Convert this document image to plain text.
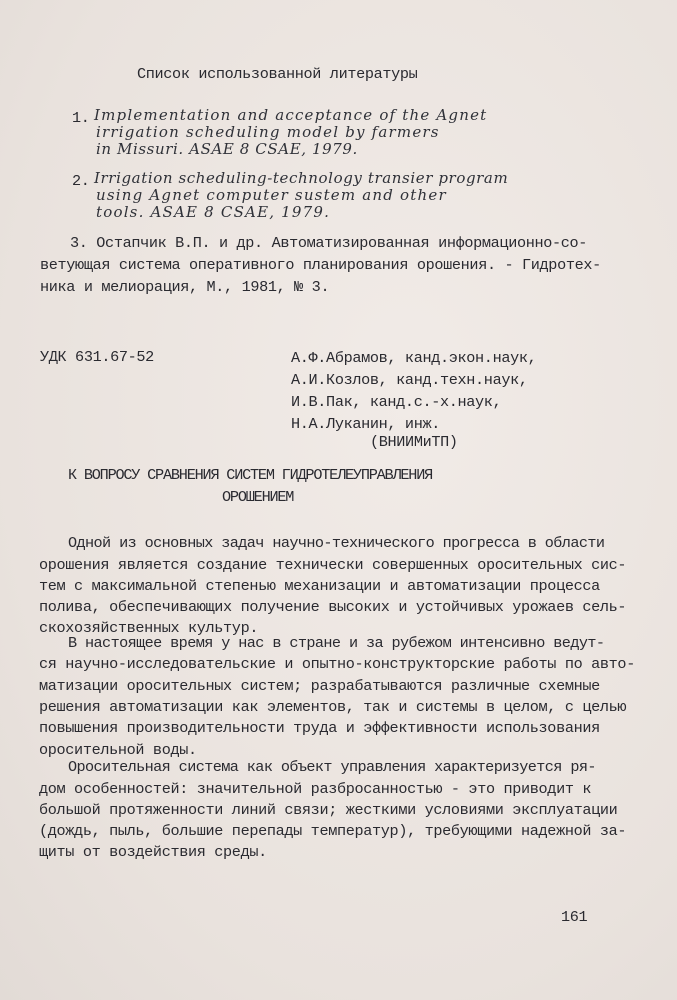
Список использованной литературы
1. Implementation and acceptance of the Agnet
irrigation scheduling model by farmers
in Missuri. ASAE 8 CSAE, 1979.
2. Irrigation scheduling-technology transier program
using Agnet computer sustem and other
tools. ASAE 8 CSAE, 1979.
3. Остапчик В.П. и др. Автоматизированная информационно-со-
ветующая система оперативного планирования орошения. - Гидротех-
ника и мелиорация, М., 1981, № 3.
УДК 631.67-52	А.Ф.Абрамов, канд.экон.наук,
А.И.Козлов, канд.техн.наук,
И.В.Пак, канд.с.-х.наук,
Н.А.Луканин, инж.
(ВНИИМиТП)
К ВОПРОСУ СРАВНЕНИЯ СИСТЕМ ГИДРОТЕЛЕУПРАВЛЕНИЯ
ОРОШЕНИЕМ
Одной из основных задач научно-технического прогресса в области
орошения является создание технически совершенных оросительных сис-
тем с максимальной степенью механизации и автоматизации процесса
полива, обеспечивающих получение высоких и устойчивых урожаев сель-
скохозяйственных культур.
В настоящее время у нас в стране и за рубежом интенсивно ведут-
ся научно-исследовательские и опытно-конструкторские работы по авто-
матизации оросительных систем; разрабатываются различные схемные
решения автоматизации как элементов, так и системы в целом, с целью
повышения производительности труда и эффективности использования
оросительной воды.
Оросительная система как объект управления характеризуется ря-
дом особенностей: значительной разбросанностью - это приводит к
большой протяженности линий связи; жесткими условиями эксплуатации
(дождь, пыль, большие перепады температур), требующими надежной за-
щиты от воздействия среды.
161
